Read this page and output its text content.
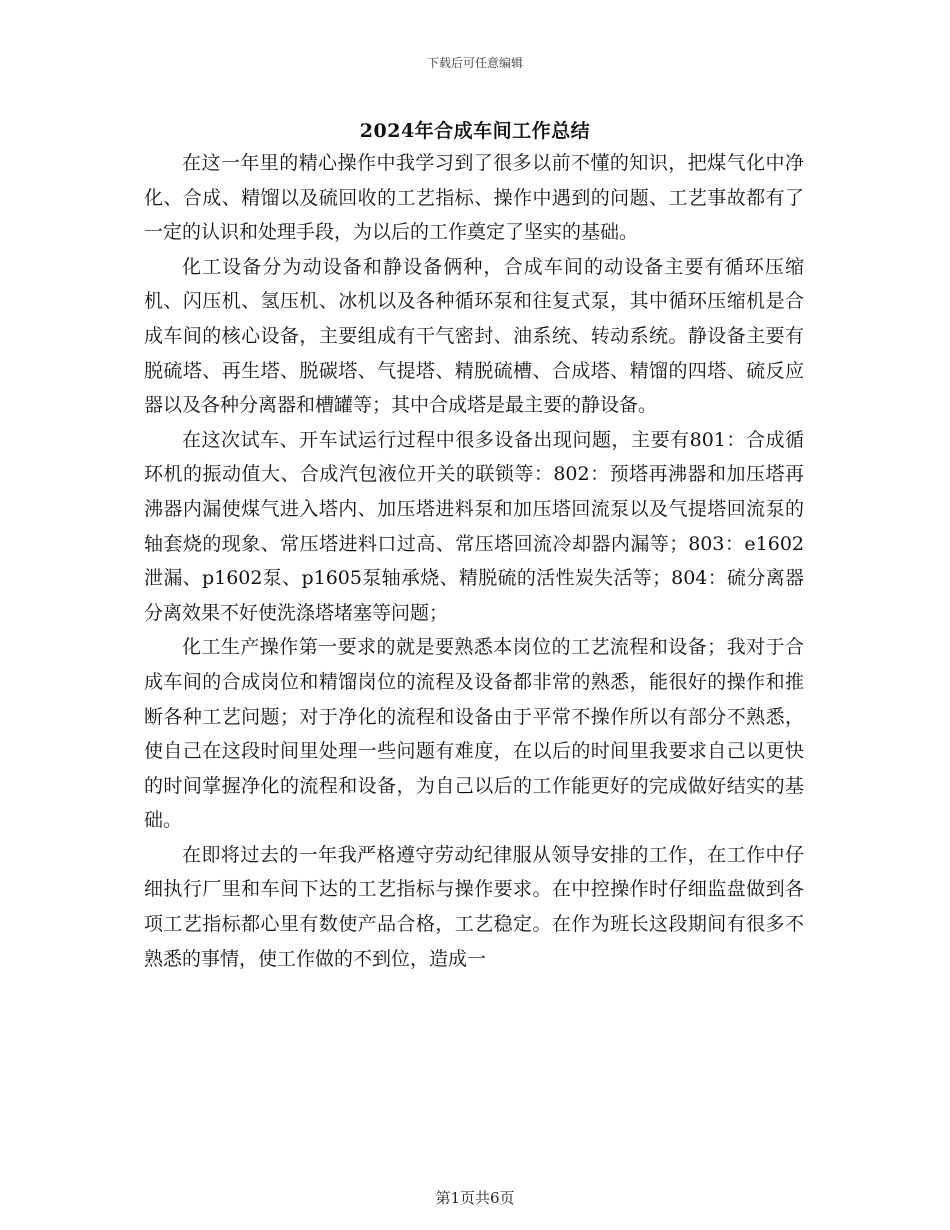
下载后可任意编辑
2024年合成车间工作总结

在这一年里的精心操作中我学习到了很多以前不懂的知识，把煤气化中净化、合成、精馏以及硫回收的工艺指标、操作中遇到的问题、工艺事故都有了一定的认识和处理手段，为以后的工作奠定了坚实的基础。

化工设备分为动设备和静设备俩种，合成车间的动设备主要有循环压缩机、闪压机、氢压机、冰机以及各种循环泵和往复式泵，其中循环压缩机是合成车间的核心设备，主要组成有干气密封、油系统、转动系统。静设备主要有脱硫塔、再生塔、脱碳塔、气提塔、精脱硫槽、合成塔、精馏的四塔、硫反应器以及各种分离器和槽罐等；其中合成塔是最主要的静设备。

在这次试车、开车试运行过程中很多设备出现问题，主要有801：合成循环机的振动值大、合成汽包液位开关的联锁等：802：预塔再沸器和加压塔再沸器内漏使煤气进入塔内、加压塔进料泵和加压塔回流泵以及气提塔回流泵的轴套烧的现象、常压塔进料口过高、常压塔回流冷却器内漏等；803：e1602泄漏、p1602泵、p1605泵轴承烧、精脱硫的活性炭失活等；804：硫分离器分离效果不好使洗涤塔堵塞等问题；

化工生产操作第一要求的就是要熟悉本岗位的工艺流程和设备；我对于合成车间的合成岗位和精馏岗位的流程及设备都非常的熟悉，能很好的操作和推断各种工艺问题；对于净化的流程和设备由于平常不操作所以有部分不熟悉，使自己在这段时间里处理一些问题有难度，在以后的时间里我要求自己以更快的时间掌握净化的流程和设备，为自己以后的工作能更好的完成做好结实的基础。

在即将过去的一年我严格遵守劳动纪律服从领导安排的工作，在工作中仔细执行厂里和车间下达的工艺指标与操作要求。在中控操作时仔细监盘做到各项工艺指标都心里有数使产品合格，工艺稳定。在作为班长这段期间有很多不熟悉的事情，使工作做的不到位，造成一

第1页共6页
